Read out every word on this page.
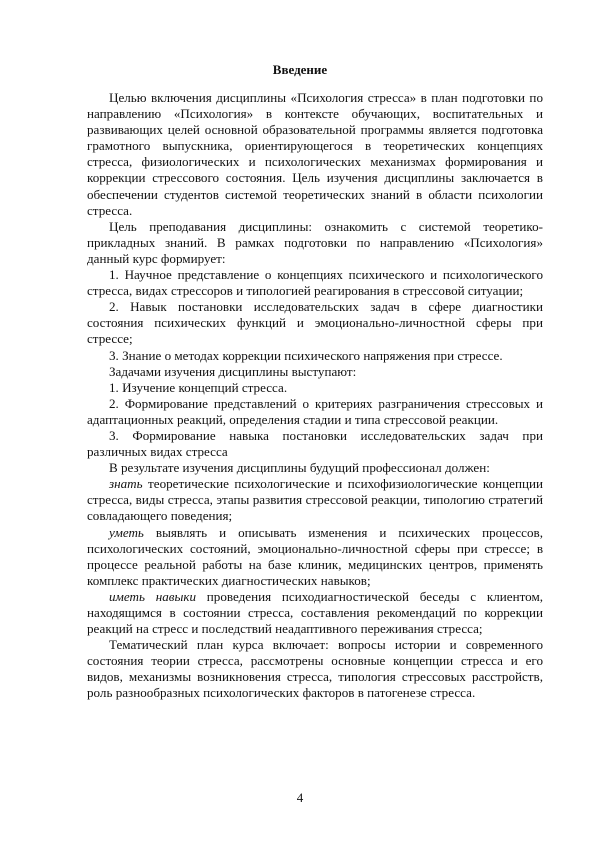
Введение

Целью включения дисциплины «Психология стресса» в план подготовки по направлению «Психология» в контексте обучающих, воспитательных и развивающих целей основной образовательной программы является подготовка грамотного выпускника, ориентирующегося в теоретических концепциях стресса, физиологических и психологических механизмах формирования и коррекции стрессового состояния. Цель изучения дисциплины заключается в обеспечении студентов системой теоретических знаний в области психологии стресса.

Цель преподавания дисциплины: ознакомить с системой теоретико-прикладных знаний. В рамках подготовки по направлению «Психология» данный курс формирует:

1. Научное представление о концепциях психического и психологического стресса, видах стрессоров и типологией реагирования в стрессовой ситуации;

2. Навык постановки исследовательских задач в сфере диагностики состояния психических функций и эмоционально-личностной сферы при стрессе;

3. Знание о методах коррекции психического напряжения при стрессе.

Задачами изучения дисциплины выступают:

1. Изучение концепций стресса.

2. Формирование представлений о критериях разграничения стрессовых и адаптационных реакций, определения стадии и типа стрессовой реакции.

3. Формирование навыка постановки исследовательских задач при различных видах стресса

В результате изучения дисциплины будущий профессионал должен:

знать теоретические психологические и психофизиологические концепции стресса, виды стресса, этапы развития стрессовой реакции, типологию стратегий совладающего поведения;

уметь выявлять и описывать изменения и психических процессов, психологических состояний, эмоционально-личностной сферы при стрессе; в процессе реальной работы на базе клиник, медицинских центров, применять комплекс практических диагностических навыков;

иметь навыки проведения психодиагностической беседы с клиентом, находящимся в состоянии стресса, составления рекомендаций по коррекции реакций на стресс и последствий неадаптивного переживания стресса;

Тематический план курса включает: вопросы истории и современного состояния теории стресса, рассмотрены основные концепции стресса и его видов, механизмы возникновения стресса, типология стрессовых расстройств, роль разнообразных психологических факторов в патогенезе стресса.

4
